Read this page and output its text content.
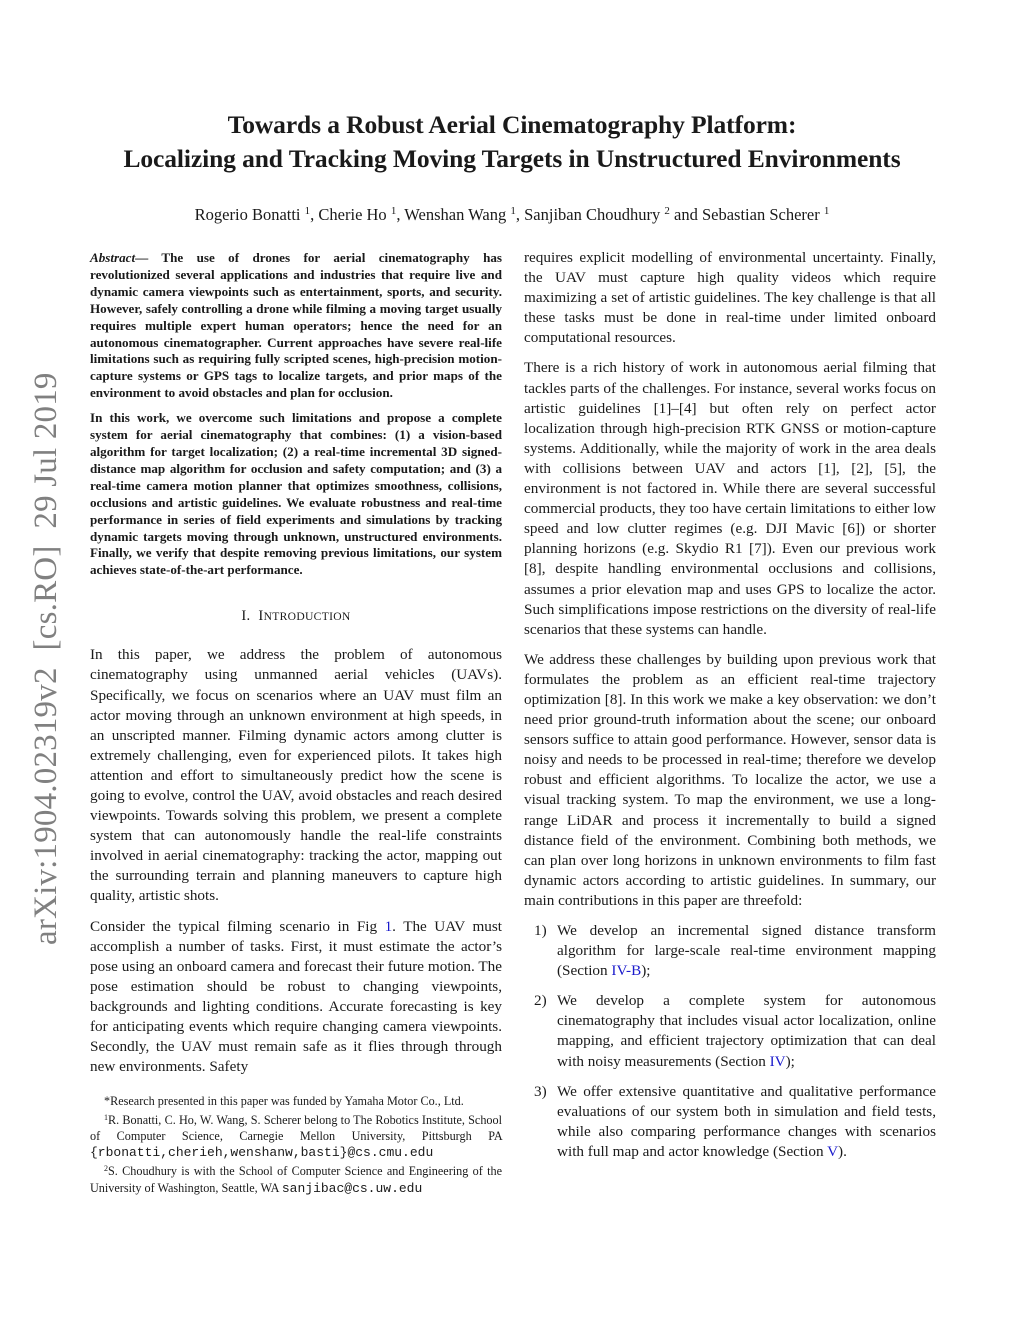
Towards a Robust Aerial Cinematography Platform:
Localizing and Tracking Moving Targets in Unstructured Environments
Rogerio Bonatti $^1$, Cherie Ho $^1$, Wenshan Wang $^1$, Sanjiban Choudhury $^2$ and Sebastian Scherer $^1$
arXiv:1904.02319v2  [cs.RO]  29 Jul 2019

Abstract— The use of drones for aerial cinematography has revolutionized several applications and industries that require live and dynamic camera viewpoints such as entertainment, sports, and security. However, safely controlling a drone while filming a moving target usually requires multiple expert human operators; hence the need for an autonomous cinematographer. Current approaches have severe real-life limitations such as requiring fully scripted scenes, high-precision motion-capture systems or GPS tags to localize targets, and prior maps of the environment to avoid obstacles and plan for occlusion.

In this work, we overcome such limitations and propose a complete system for aerial cinematography that combines: (1) a vision-based algorithm for target localization; (2) a real-time incremental 3D signed-distance map algorithm for occlusion and safety computation; and (3) a real-time camera motion planner that optimizes smoothness, collisions, occlusions and artistic guidelines. We evaluate robustness and real-time performance in series of field experiments and simulations by tracking dynamic targets moving through unknown, unstructured environments. Finally, we verify that despite removing previous limitations, our system achieves state-of-the-art performance.

I. INTRODUCTION

In this paper, we address the problem of autonomous cinematography using unmanned aerial vehicles (UAVs). Specifically, we focus on scenarios where an UAV must film an actor moving through an unknown environment at high speeds, in an unscripted manner. Filming dynamic actors among clutter is extremely challenging, even for experienced pilots. It takes high attention and effort to simultaneously predict how the scene is going to evolve, control the UAV, avoid obstacles and reach desired viewpoints. Towards solving this problem, we present a complete system that can autonomously handle the real-life constraints involved in aerial cinematography: tracking the actor, mapping out the surrounding terrain and planning maneuvers to capture high quality, artistic shots.

Consider the typical filming scenario in Fig 1. The UAV must accomplish a number of tasks. First, it must estimate the actor’s pose using an onboard camera and forecast their future motion. The pose estimation should be robust to changing viewpoints, backgrounds and lighting conditions. Accurate forecasting is key for anticipating events which require changing camera viewpoints. Secondly, the UAV must remain safe as it flies through through new environments. Safety

*Research presented in this paper was funded by Yamaha Motor Co., Ltd.

$^1$R. Bonatti, C. Ho, W. Wang, S. Scherer belong to The Robotics Institute, School of Computer Science, Carnegie Mellon University, Pittsburgh PA {rbonatti,cherieh,wenshanw,basti}@cs.cmu.edu

$^2$S. Choudhury is with the School of Computer Science and Engineering of the University of Washington, Seattle, WA sanjibac@cs.uw.edu

requires explicit modelling of environmental uncertainty. Finally, the UAV must capture high quality videos which require maximizing a set of artistic guidelines. The key challenge is that all these tasks must be done in real-time under limited onboard computational resources.

There is a rich history of work in autonomous aerial filming that tackles parts of the challenges. For instance, several works focus on artistic guidelines [1]–[4] but often rely on perfect actor localization through high-precision RTK GNSS or motion-capture systems. Additionally, while the majority of work in the area deals with collisions between UAV and actors [1], [2], [5], the environment is not factored in. While there are several successful commercial products, they too have certain limitations to either low speed and low clutter regimes (e.g. DJI Mavic [6]) or shorter planning horizons (e.g. Skydio R1 [7]). Even our previous work [8], despite handling environmental occlusions and collisions, assumes a prior elevation map and uses GPS to localize the actor. Such simplifications impose restrictions on the diversity of real-life scenarios that these systems can handle.

We address these challenges by building upon previous work that formulates the problem as an efficient real-time trajectory optimization [8]. In this work we make a key observation: we don’t need prior ground-truth information about the scene; our onboard sensors suffice to attain good performance. However, sensor data is noisy and needs to be processed in real-time; therefore we develop robust and efficient algorithms. To localize the actor, we use a visual tracking system. To map the environment, we use a long-range LiDAR and process it incrementally to build a signed distance field of the environment. Combining both methods, we can plan over long horizons in unknown environments to film fast dynamic actors according to artistic guidelines. In summary, our main contributions in this paper are threefold:

1) We develop an incremental signed distance transform algorithm for large-scale real-time environment mapping (Section IV-B);
2) We develop a complete system for autonomous cinematography that includes visual actor localization, online mapping, and efficient trajectory optimization that can deal with noisy measurements (Section IV);
3) We offer extensive quantitative and qualitative performance evaluations of our system both in simulation and field tests, while also comparing performance changes with scenarios with full map and actor knowledge (Section V).
